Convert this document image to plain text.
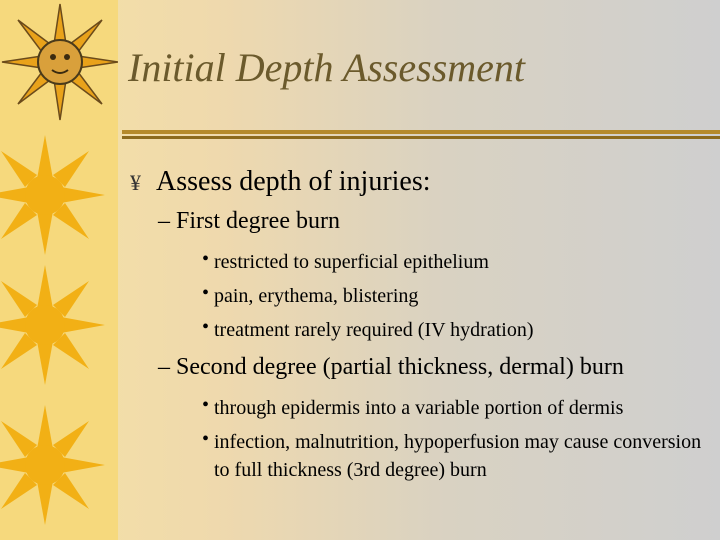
Initial Depth Assessment
¥ Assess depth of injuries:
– First degree burn
• restricted to superficial epithelium
• pain, erythema, blistering
• treatment rarely required (IV hydration)
– Second degree (partial thickness, dermal) burn
• through epidermis into a variable portion of dermis
• infection, malnutrition, hypoperfusion may cause conversion to full thickness (3rd degree) burn
